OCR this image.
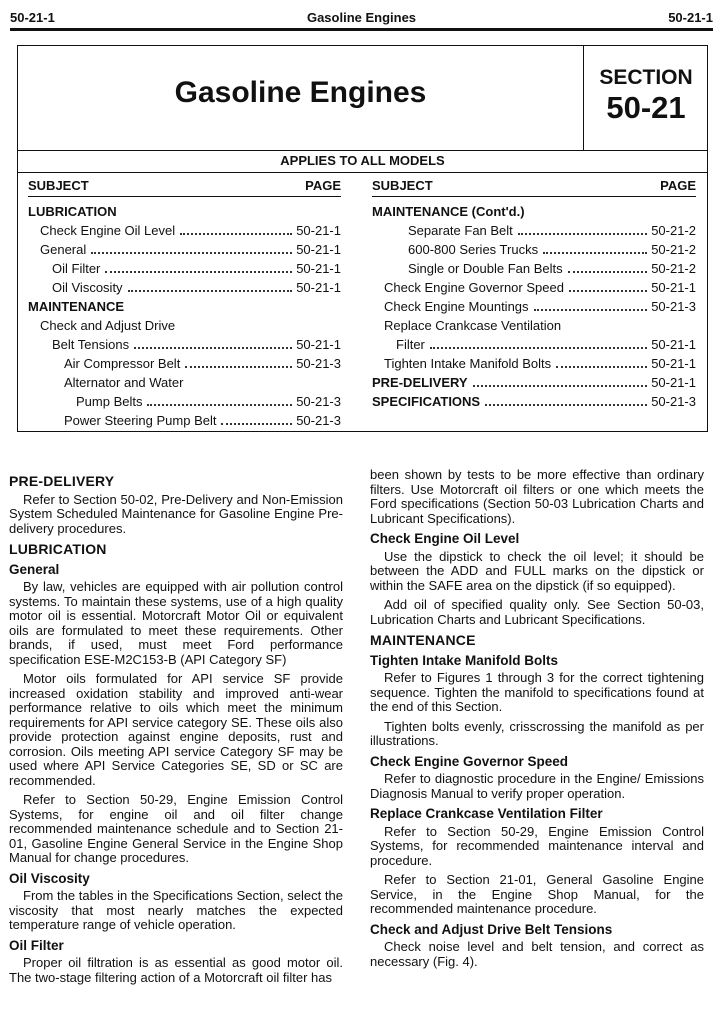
50-21-1	Gasoline Engines	50-21-1
Gasoline Engines	SECTION
50-21
APPLIES TO ALL MODELS
SUBJECT	PAGE
LUBRICATION
Check Engine Oil Level	50-21-1
General	50-21-1
Oil Filter	50-21-1
Oil Viscosity	50-21-1
MAINTENANCE
Check and Adjust Drive
Belt Tensions	50-21-1
Air Compressor Belt	50-21-3
Alternator and Water
Pump Belts	50-21-3
Power Steering Pump Belt	50-21-3
SUBJECT	PAGE
MAINTENANCE (Cont'd.)
Separate Fan Belt	50-21-2
600-800 Series Trucks	50-21-2
Single or Double Fan Belts	50-21-2
Check Engine Governor Speed	50-21-1
Check Engine Mountings	50-21-3
Replace Crankcase Ventilation
Filter	50-21-1
Tighten Intake Manifold Bolts	50-21-1
PRE-DELIVERY	50-21-1
SPECIFICATIONS	50-21-3
PRE-DELIVERY

Refer to Section 50-02, Pre-Delivery and Non-Emission System Scheduled Maintenance for Gasoline Engine Pre-delivery procedures.

LUBRICATION
General

By law, vehicles are equipped with air pollution control systems. To maintain these systems, use of a high quality motor oil is essential. Motorcraft Motor Oil or equivalent oils are formulated to meet these requirements. Other brands, if used, must meet Ford performance specification ESE-M2C153-B (API Category SF)

Motor oils formulated for API service SF provide increased oxidation stability and improved anti-wear performance relative to oils which meet the minimum requirements for API service category SE. These oils also provide protection against engine deposits, rust and corrosion. Oils meeting API service Category SF may be used where API Service Categories SE, SD or SC are recommended.

Refer to Section 50-29, Engine Emission Control Systems, for engine oil and oil filter change recommended maintenance schedule and to Section 21-01, Gasoline Engine General Service in the Engine Shop Manual for change procedures.

Oil Viscosity

From the tables in the Specifications Section, select the viscosity that most nearly matches the expected temperature range of vehicle operation.

Oil Filter

Proper oil filtration is as essential as good motor oil. The two-stage filtering action of a Motorcraft oil filter has

been shown by tests to be more effective than ordinary filters. Use Motorcraft oil filters or one which meets the Ford specifications (Section 50-03 Lubrication Charts and Lubricant Specifications).

Check Engine Oil Level

Use the dipstick to check the oil level; it should be between the ADD and FULL marks on the dipstick or within the SAFE area on the dipstick (if so equipped).

Add oil of specified quality only. See Section 50-03, Lubrication Charts and Lubricant Specifications.

MAINTENANCE
Tighten Intake Manifold Bolts

Refer to Figures 1 through 3 for the correct tightening sequence. Tighten the manifold to specifications found at the end of this Section.

Tighten bolts evenly, crisscrossing the manifold as per illustrations.

Check Engine Governor Speed

Refer to diagnostic procedure in the Engine/ Emissions Diagnosis Manual to verify proper operation.

Replace Crankcase Ventilation Filter

Refer to Section 50-29, Engine Emission Control Systems, for recommended maintenance interval and procedure.

Refer to Section 21-01, General Gasoline Engine Service, in the Engine Shop Manual, for the recommended maintenance procedure.

Check and Adjust Drive Belt Tensions

Check noise level and belt tension, and correct as necessary (Fig. 4).
